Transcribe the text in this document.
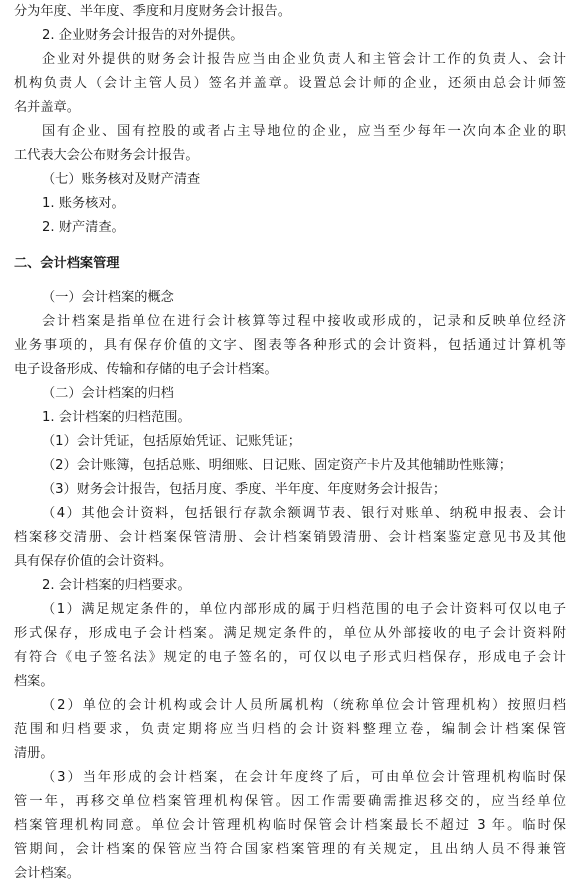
分为年度、半年度、季度和月度财务会计报告。
2. 企业财务会计报告的对外提供。
企业对外提供的财务会计报告应当由企业负责人和主管会计工作的负责人、会计
机构负责人（会计主管人员）签名并盖章。设置总会计师的企业，还须由总会计师签
名并盖章。
国有企业、国有控股的或者占主导地位的企业，应当至少每年一次向本企业的职
工代表大会公布财务会计报告。
（七）账务核对及财产清查
1. 账务核对。
2. 财产清查。
二、会计档案管理
（一）会计档案的概念
会计档案是指单位在进行会计核算等过程中接收或形成的，记录和反映单位经济
业务事项的，具有保存价值的文字、图表等各种形式的会计资料，包括通过计算机等
电子设备形成、传输和存储的电子会计档案。
（二）会计档案的归档
1. 会计档案的归档范围。
（1）会计凭证，包括原始凭证、记账凭证；
（2）会计账簿，包括总账、明细账、日记账、固定资产卡片及其他辅助性账簿；
（3）财务会计报告，包括月度、季度、半年度、年度财务会计报告；
（4）其他会计资料，包括银行存款余额调节表、银行对账单、纳税申报表、会计
档案移交清册、会计档案保管清册、会计档案销毁清册、会计档案鉴定意见书及其他
具有保存价值的会计资料。
2. 会计档案的归档要求。
（1）满足规定条件的，单位内部形成的属于归档范围的电子会计资料可仅以电子
形式保存，形成电子会计档案。满足规定条件的，单位从外部接收的电子会计资料附
有符合《电子签名法》规定的电子签名的，可仅以电子形式归档保存，形成电子会计
档案。
（2）单位的会计机构或会计人员所属机构（统称单位会计管理机构）按照归档
范围和归档要求，负责定期将应当归档的会计资料整理立卷，编制会计档案保管
清册。
（3）当年形成的会计档案，在会计年度终了后，可由单位会计管理机构临时保
管一年，再移交单位档案管理机构保管。因工作需要确需推迟移交的，应当经单位
档案管理机构同意。单位会计管理机构临时保管会计档案最长不超过 3 年。临时保
管期间，会计档案的保管应当符合国家档案管理的有关规定，且出纳人员不得兼管
会计档案。
